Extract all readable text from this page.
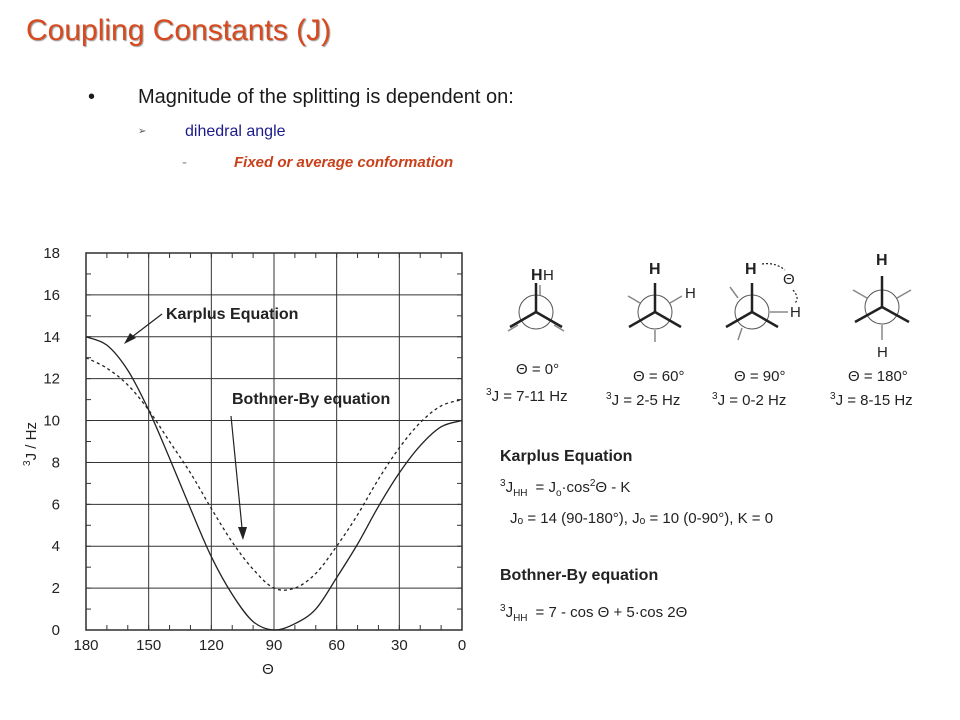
Coupling Constants (J)
• Magnitude of the splitting is dependent on:
➢ dihedral angle
-	Fixed or average conformation
180	150	120	90	60	30	0
0
2
4
6
8
10
12
14
16
18
Θ
$^3$J / Hz
Karplus Equation
Bothner-By equation
H H
Θ = 0°
$^3$J = 7-11 Hz
H
H
Θ = 60°
$^3$J = 2-5 Hz
H
H
Θ
Θ = 90°
$^3$J = 0-2 Hz
H
H
Θ = 180°
$^3$J = 8-15 Hz
Karplus Equation
$^3J_{HH} = J_o\cdot\cos^2\Theta - K$
Jₒ = 14 (90-180°), Jₒ = 10 (0-90°), K = 0
Bothner-By equation
$^3J_{HH} = 7 - \cos \Theta + 5\cdot\cos$ 2Θ
